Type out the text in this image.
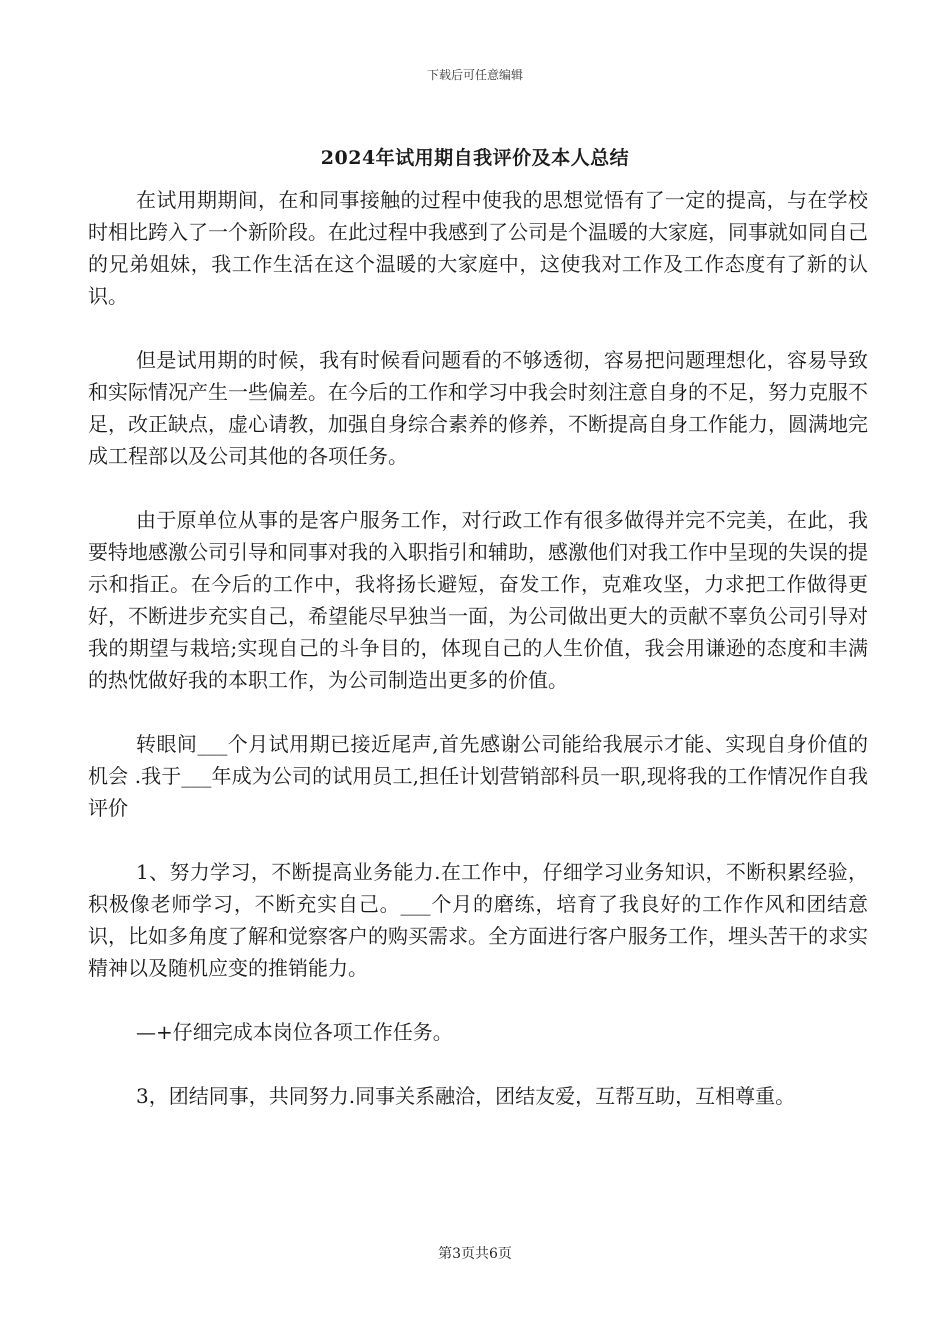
下载后可任意编辑
2024年试用期自我评价及本人总结

在试用期期间，在和同事接触的过程中使我的思想觉悟有了一定的提高，与在学校时相比跨入了一个新阶段。在此过程中我感到了公司是个温暖的大家庭，同事就如同自己的兄弟姐妹，我工作生活在这个温暖的大家庭中，这使我对工作及工作态度有了新的认识。

但是试用期的时候，我有时候看问题看的不够透彻，容易把问题理想化，容易导致和实际情况产生一些偏差。在今后的工作和学习中我会时刻注意自身的不足，努力克服不足，改正缺点，虚心请教，加强自身综合素养的修养，不断提高自身工作能力，圆满地完成工程部以及公司其他的各项任务。

由于原单位从事的是客户服务工作，对行政工作有很多做得并完不完美，在此，我要特地感激公司引导和同事对我的入职指引和辅助，感激他们对我工作中呈现的失误的提示和指正。在今后的工作中，我将扬长避短，奋发工作，克难攻坚，力求把工作做得更好，不断进步充实自己，希望能尽早独当一面，为公司做出更大的贡献不辜负公司引导对我的期望与栽培;实现自己的斗争目的，体现自己的人生价值，我会用谦逊的态度和丰满的热忱做好我的本职工作，为公司制造出更多的价值。

转眼间___个月试用期已接近尾声,首先感谢公司能给我展示才能、实现自身价值的机会 .我于___年成为公司的试用员工,担任计划营销部科员一职,现将我的工作情况作自我评价

1、努力学习，不断提高业务能力.在工作中，仔细学习业务知识，不断积累经验，积极像老师学习，不断充实自己。___个月的磨练，培育了我良好的工作作风和团结意识，比如多角度了解和觉察客户的购买需求。全方面进行客户服务工作，埋头苦干的求实精神以及随机应变的推销能力。

—+仔细完成本岗位各项工作任务。

3，团结同事，共同努力.同事关系融洽，团结友爱，互帮互助，互相尊重。

第3页共6页
